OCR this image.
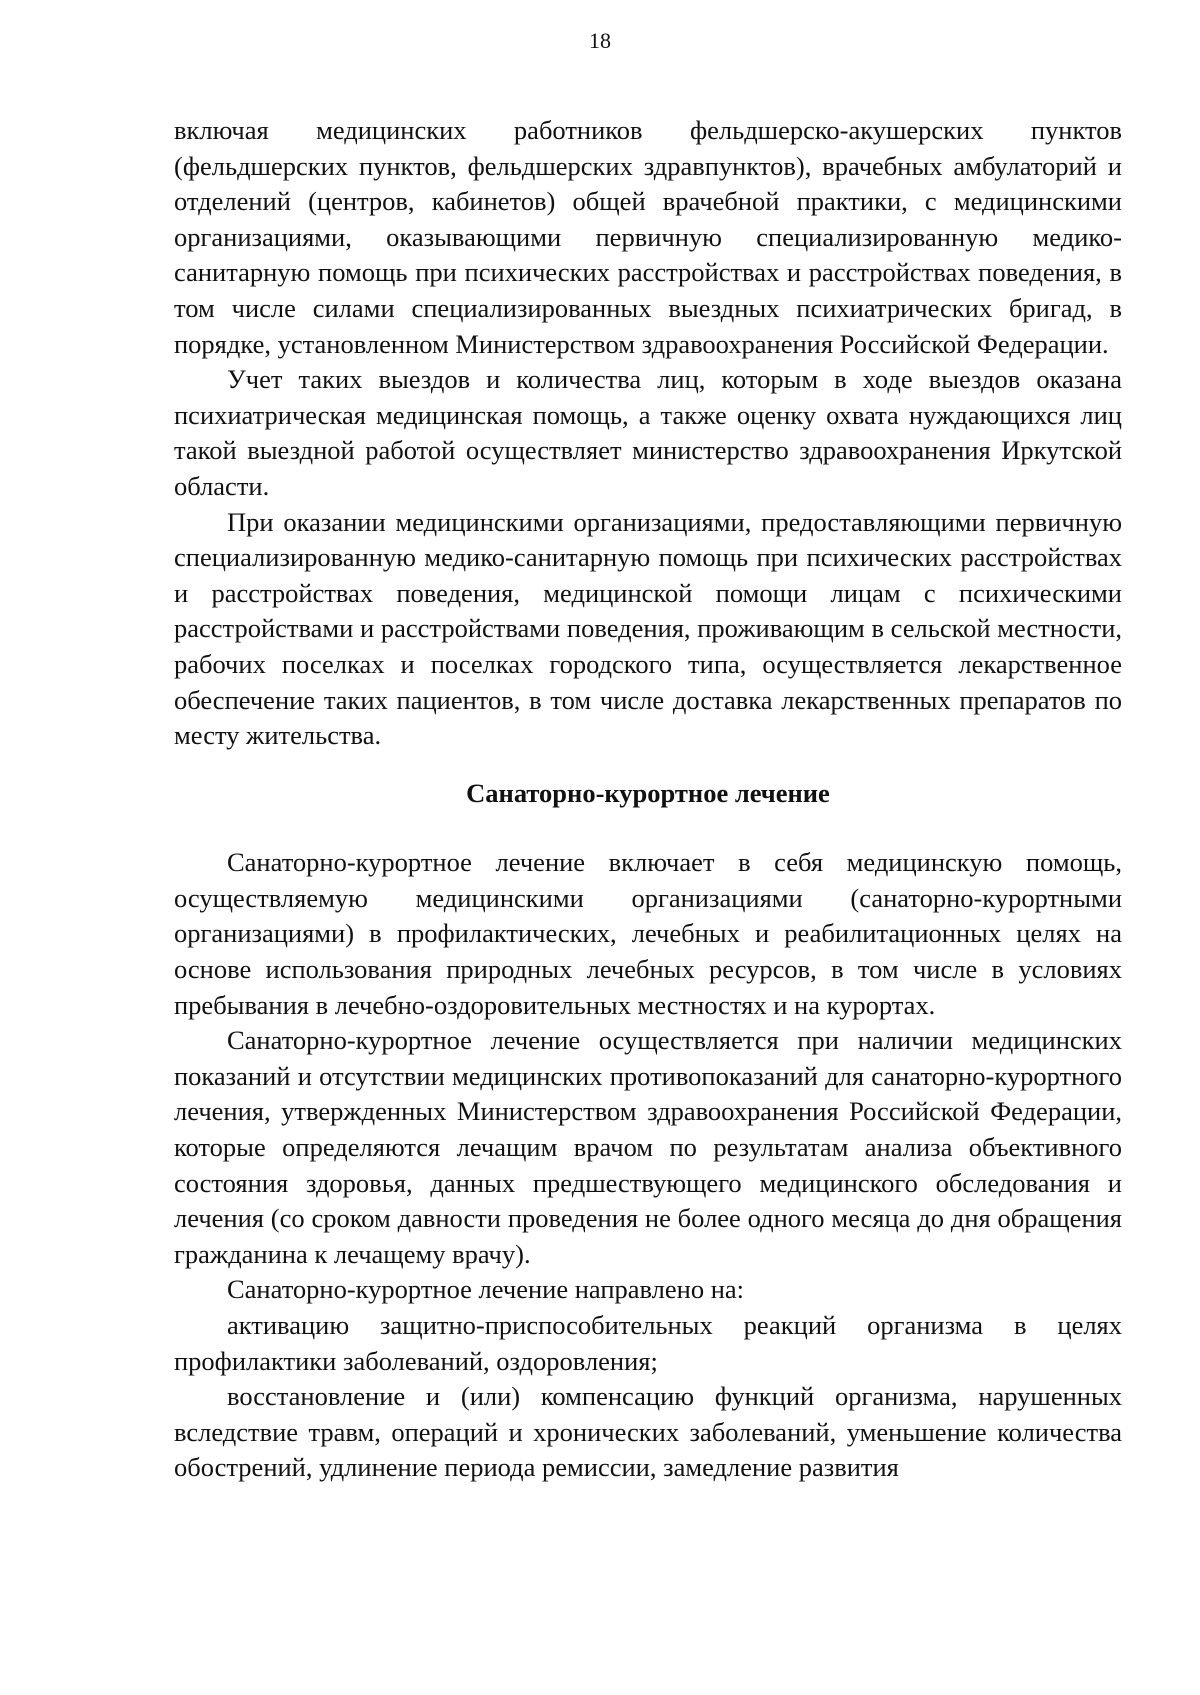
18

включая медицинских работников фельдшерско-акушерских пунктов (фельдшерских пунктов, фельдшерских здравпунктов), врачебных амбулаторий и отделений (центров, кабинетов) общей врачебной практики, с медицинскими организациями, оказывающими первичную специализированную медико-санитарную помощь при психических расстройствах и расстройствах поведения, в том числе силами специализированных выездных психиатрических бригад, в порядке, установленном Министерством здравоохранения Российской Федерации.

Учет таких выездов и количества лиц, которым в ходе выездов оказана психиатрическая медицинская помощь, а также оценку охвата нуждающихся лиц такой выездной работой осуществляет министерство здравоохранения Иркутской области.

При оказании медицинскими организациями, предоставляющими первичную специализированную медико-санитарную помощь при психических расстройствах и расстройствах поведения, медицинской помощи лицам с психическими расстройствами и расстройствами поведения, проживающим в сельской местности, рабочих поселках и поселках городского типа, осуществляется лекарственное обеспечение таких пациентов, в том числе доставка лекарственных препаратов по месту жительства.

Санаторно-курортное лечение

Санаторно-курортное лечение включает в себя медицинскую помощь, осуществляемую медицинскими организациями (санаторно-курортными организациями) в профилактических, лечебных и реабилитационных целях на основе использования природных лечебных ресурсов, в том числе в условиях пребывания в лечебно-оздоровительных местностях и на курортах.

Санаторно-курортное лечение осуществляется при наличии медицинских показаний и отсутствии медицинских противопоказаний для санаторно-курортного лечения, утвержденных Министерством здравоохранения Российской Федерации, которые определяются лечащим врачом по результатам анализа объективного состояния здоровья, данных предшествующего медицинского обследования и лечения (со сроком давности проведения не более одного месяца до дня обращения гражданина к лечащему врачу).

Санаторно-курортное лечение направлено на:

активацию защитно-приспособительных реакций организма в целях профилактики заболеваний, оздоровления;

восстановление и (или) компенсацию функций организма, нарушенных вследствие травм, операций и хронических заболеваний, уменьшение количества обострений, удлинение периода ремиссии, замедление развития
